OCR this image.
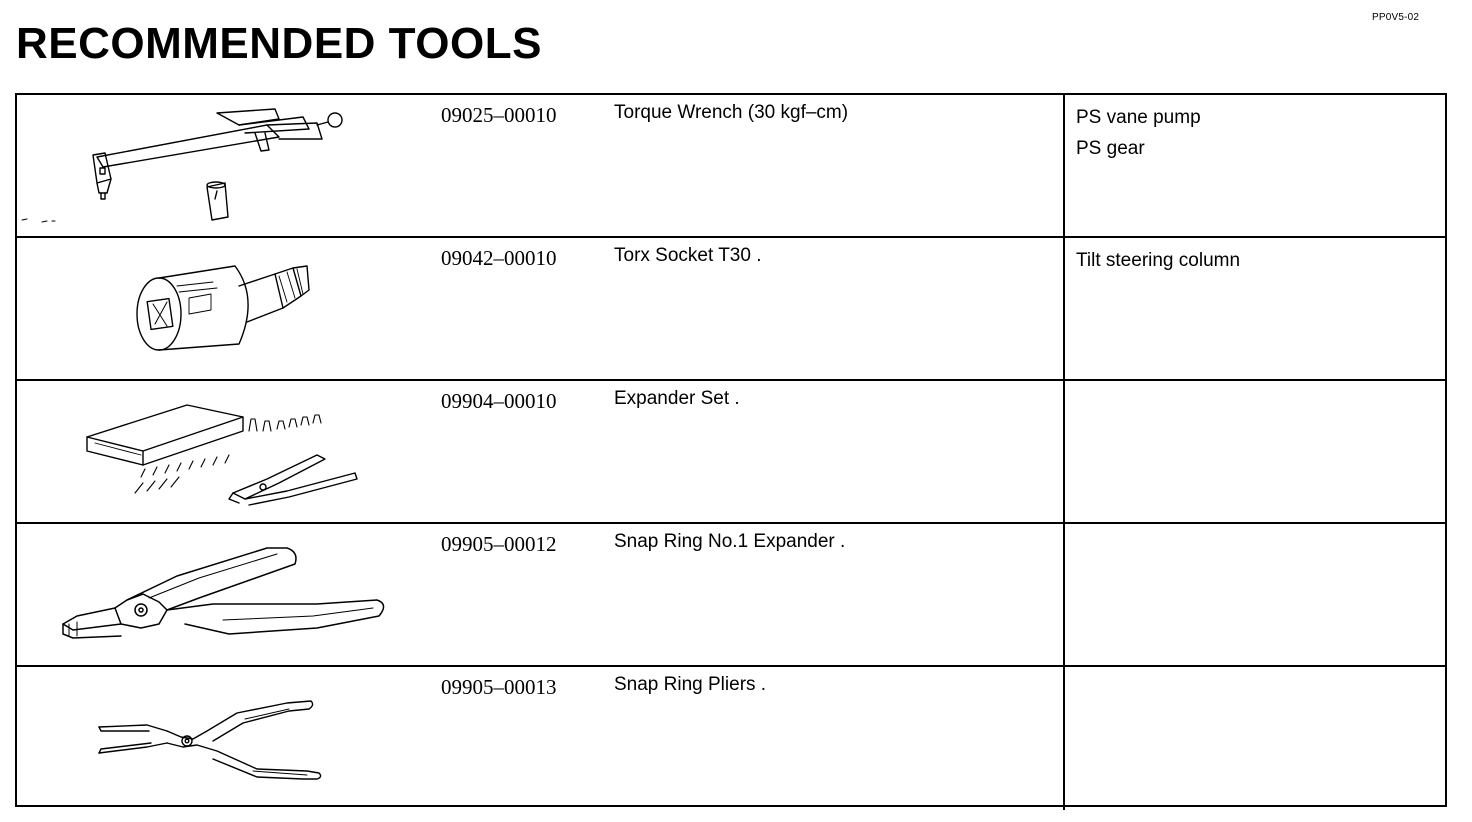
PP0V5-02
RECOMMENDED TOOLS
09025–00010	Torque Wrench (30 kgf–cm)	PS vane pump
PS gear
09042–00010	Torx Socket T30 .	Tilt steering column
09904–00010	Expander Set .
09905–00012	Snap Ring No.1 Expander .
09905–00013	Snap Ring Pliers .
